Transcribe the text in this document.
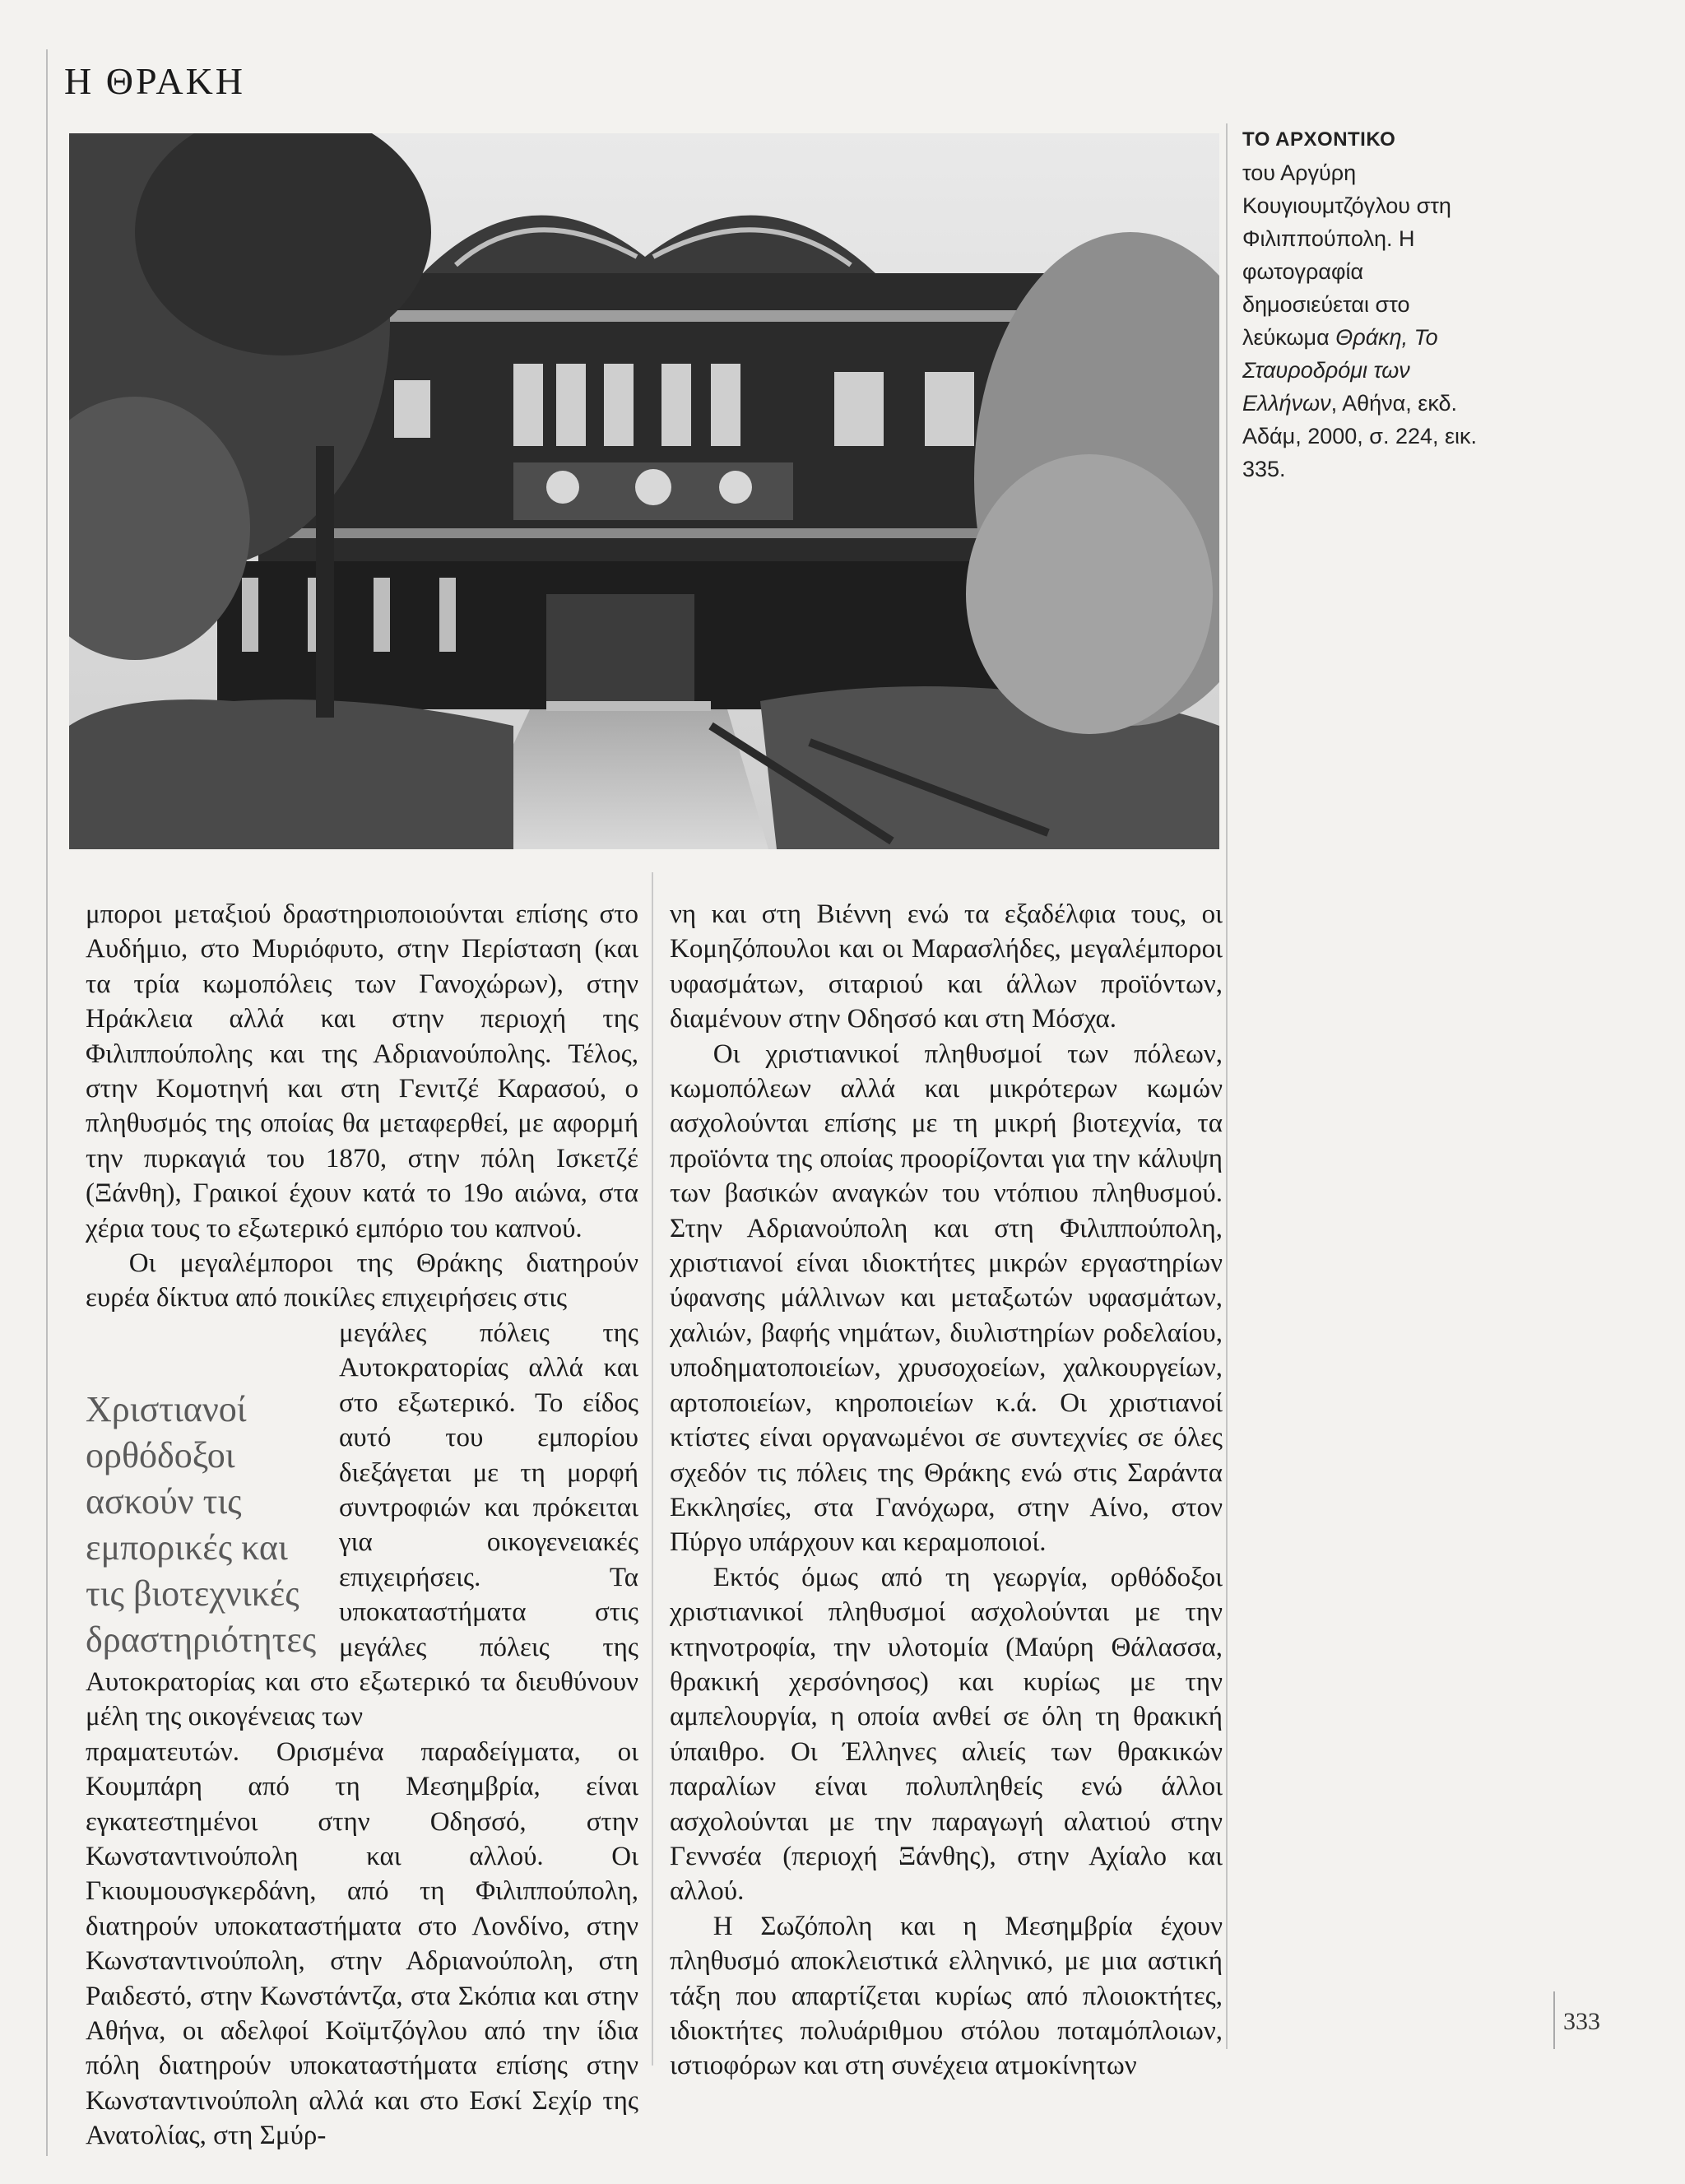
Η ΘΡΑΚΗ
ΤΟ ΑΡΧΟΝΤΙΚΟ
του Αργύρη Κουγιουμτζόγλου στη Φιλιππούπολη. Η φωτογραφία δημοσιεύεται στο λεύκωμα Θράκη, Το Σταυροδρόμι των Ελλήνων, Αθήνα, εκδ. Αδάμ, 2000, σ. 224, εικ. 335.

μποροι μεταξιού δραστηριοποιούνται επίσης στο Αυδήμιο, στο Μυριόφυτο, στην Περίσταση (και τα τρία κωμοπόλεις των Γανοχώρων), στην Ηράκλεια αλλά και στην περιοχή της Φιλιππούπολης και της Αδριανούπολης. Τέλος, στην Κομοτηνή και στη Γενιτζέ Καρασού, ο πληθυσμός της οποίας θα μεταφερθεί, με αφορμή την πυρκαγιά του 1870, στην πόλη Ισκετζέ (Ξάνθη), Γραικοί έχουν κατά το 19ο αιώνα, στα χέρια τους το εξωτερικό εμπόριο του καπνού.

Οι μεγαλέμποροι της Θράκης διατηρούν ευρέα δίκτυα από ποικίλες επιχειρήσεις στις

Χριστιανοί ορθόδοξοι ασκούν τις εμπορικές και τις βιοτεχνικές δραστηριότητες

μεγάλες πόλεις της Αυτοκρατορίας αλλά και στο εξωτερικό. Το είδος αυτό του εμπορίου διεξάγεται με τη μορφή συντροφιών και πρόκειται για οικογενειακές επιχειρήσεις. Τα υποκαταστήματα στις μεγάλες πόλεις της Αυτοκρατορίας και στο εξωτερικό τα διευθύνουν μέλη της οικογένειας των

πραματευτών. Ορισμένα παραδείγματα, οι Κουμπάρη από τη Μεσημβρία, είναι εγκατεστημένοι στην Οδησσό, στην Κωνσταντινούπολη και αλλού. Οι Γκιουμουσγκερδάνη, από τη Φιλιππούπολη, διατηρούν υποκαταστήματα στο Λονδίνο, στην Κωνσταντινούπολη, στην Αδριανούπολη, στη Ραιδεστό, στην Κωνστάντζα, στα Σκόπια και στην Αθήνα, οι αδελφοί Κοϊμτζόγλου από την ίδια πόλη διατηρούν υποκαταστήματα επίσης στην Κωνσταντινούπολη αλλά και στο Εσκί Σεχίρ της Ανατολίας, στη Σμύρ-

νη και στη Βιέννη ενώ τα εξαδέλφια τους, οι Κομηζόπουλοι και οι Μαρασλήδες, μεγαλέμποροι υφασμάτων, σιταριού και άλλων προϊόντων, διαμένουν στην Οδησσό και στη Μόσχα.

Οι χριστιανικοί πληθυσμοί των πόλεων, κωμοπόλεων αλλά και μικρότερων κωμών ασχολούνται επίσης με τη μικρή βιοτεχνία, τα προϊόντα της οποίας προορίζονται για την κάλυψη των βασικών αναγκών του ντόπιου πληθυσμού. Στην Αδριανούπολη και στη Φιλιππούπολη, χριστιανοί είναι ιδιοκτήτες μικρών εργαστηρίων ύφανσης μάλλινων και μεταξωτών υφασμάτων, χαλιών, βαφής νημάτων, διυλιστηρίων ροδελαίου, υποδηματοποιείων, χρυσοχοείων, χαλκουργείων, αρτοποιείων, κηροποιείων κ.ά. Οι χριστιανοί κτίστες είναι οργανωμένοι σε συντεχνίες σε όλες σχεδόν τις πόλεις της Θράκης ενώ στις Σαράντα Εκκλησίες, στα Γανόχωρα, στην Αίνο, στον Πύργο υπάρχουν και κεραμοποιοί.

Εκτός όμως από τη γεωργία, ορθόδοξοι χριστιανικοί πληθυσμοί ασχολούνται με την κτηνοτροφία, την υλοτομία (Μαύρη Θάλασσα, θρακική χερσόνησος) και κυρίως με την αμπελουργία, η οποία ανθεί σε όλη τη θρακική ύπαιθρο. Οι Έλληνες αλιείς των θρακικών παραλίων είναι πολυπληθείς ενώ άλλοι ασχολούνται με την παραγωγή αλατιού στην Γεννσέα (περιοχή Ξάνθης), στην Αχίαλο και αλλού.

Η Σωζόπολη και η Μεσημβρία έχουν πληθυσμό αποκλειστικά ελληνικό, με μια αστική τάξη που απαρτίζεται κυρίως από πλοιοκτήτες, ιδιοκτήτες πολυάριθμου στόλου ποταμόπλοιων, ιστιοφόρων και στη συνέχεια ατμοκίνητων

333
